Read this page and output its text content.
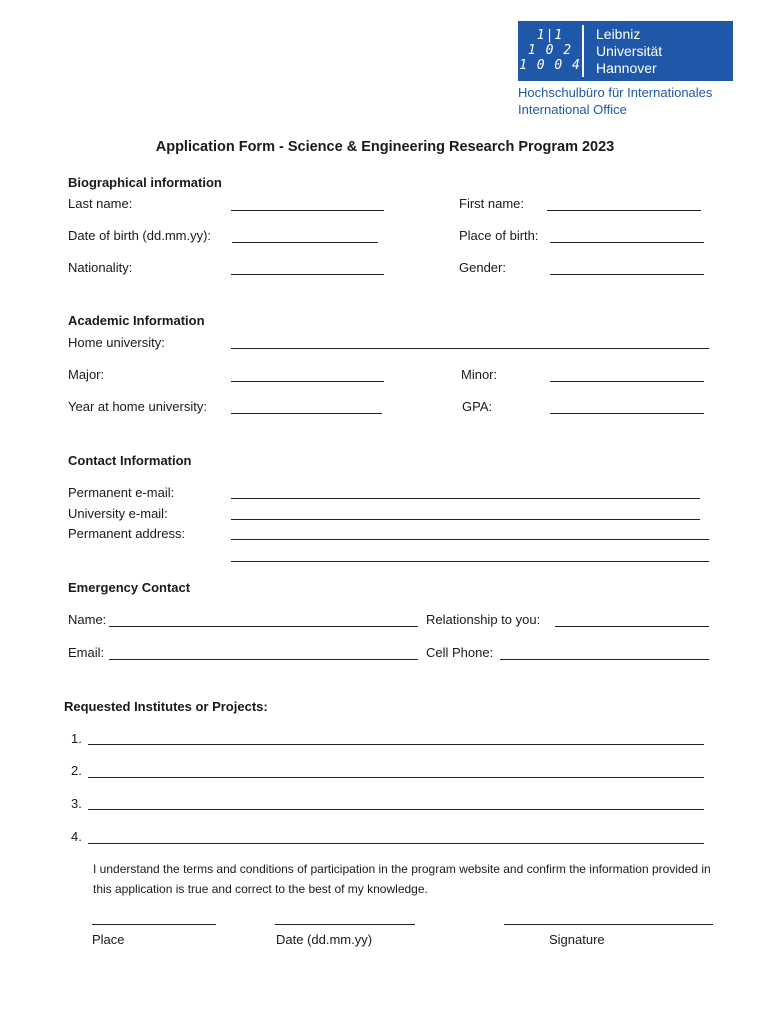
1|1
1 0 2
1 0 0 4
Leibniz
Universität
Hannover
Hochschulbüro für Internationales
International Office
Application Form - Science & Engineering Research Program 2023
Biographical information
Last name:	First name:
Date of birth (dd.mm.yy):	Place of birth:
Nationality:	Gender:
Academic Information
Home university:
Major:	Minor:
Year at home university:	GPA:
Contact Information
Permanent e-mail:
University e-mail:
Permanent address:
Emergency Contact
Name:	Relationship to you:
Email:	Cell Phone:
Requested Institutes or Projects:
1.
2.
3.
4.
I understand the terms and conditions of participation in the program website and confirm the information provided in this application is true and correct to the best of my knowledge.
Place	Date (dd.mm.yy)	Signature
